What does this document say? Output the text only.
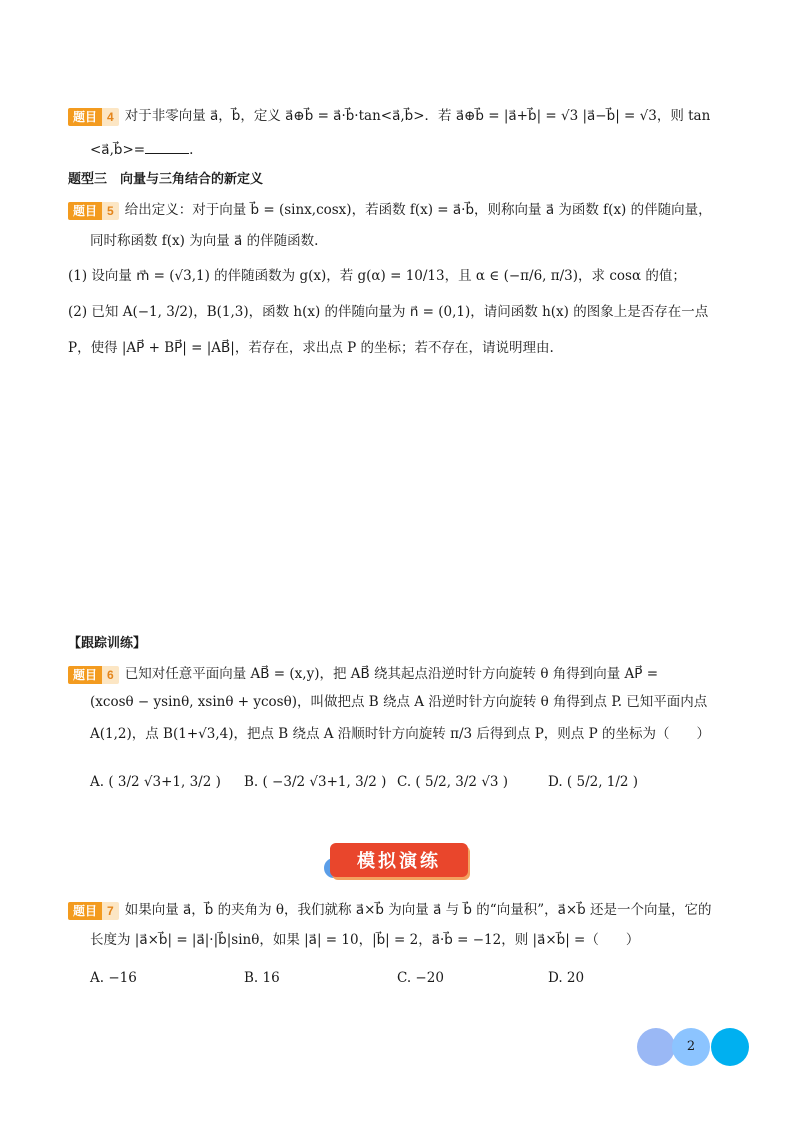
题目 4 对于非零向量 a⃗，b⃗，定义 a⃗⊕b⃗ = a⃗·b⃗·tan<a⃗,b⃗>．若 a⃗⊕b⃗ = |a⃗+b⃗| = √3 |a⃗−b⃗| = √3，则 tan
<a⃗,b⃗>=	.
题型三　向量与三角结合的新定义
题目 5 给出定义：对于向量 b⃗ = (sinx,cosx)，若函数 f(x) = a⃗·b⃗，则称向量 a⃗ 为函数 f(x) 的伴随向量，
同时称函数 f(x) 为向量 a⃗ 的伴随函数.
(1) 设向量 m⃗ = (√3,1) 的伴随函数为 g(x)，若 g(α) = 10/13，且 α ∈ (−π/6, π/3)，求 cosα 的值；
(2) 已知 A(−1, 3/2)，B(1,3)，函数 h(x) 的伴随向量为 n⃗ = (0,1)，请问函数 h(x) 的图象上是否存在一点
P，使得 |AP⃗ + BP⃗| = |AB⃗|，若存在，求出点 P 的坐标；若不存在，请说明理由.
【跟踪训练】
题目 6 已知对任意平面向量 AB⃗ = (x,y)，把 AB⃗ 绕其起点沿逆时针方向旋转 θ 角得到向量 AP⃗ =
(xcosθ − ysinθ, xsinθ + ycosθ)，叫做把点 B 绕点 A 沿逆时针方向旋转 θ 角得到点 P. 已知平面内点
A(1,2)，点 B(1+√3,4)，把点 B 绕点 A 沿顺时针方向旋转 π/3 后得到点 P，则点 P 的坐标为（　　）
A. ( 3/2 √3+1, 3/2 ) B. ( −3/2 √3+1, 3/2 ) C. ( 5/2, 3/2 √3 )	D. ( 5/2, 1/2 )
模拟演练
题目 7 如果向量 a⃗，b⃗ 的夹角为 θ，我们就称 a⃗×b⃗ 为向量 a⃗ 与 b⃗ 的“向量积”，a⃗×b⃗ 还是一个向量，它的
长度为 |a⃗×b⃗| = |a⃗|·|b⃗|sinθ，如果 |a⃗| = 10，|b⃗| = 2，a⃗·b⃗ = −12，则 |a⃗×b⃗| =（　　）
A. −16	B. 16	C. −20	D. 20
2
